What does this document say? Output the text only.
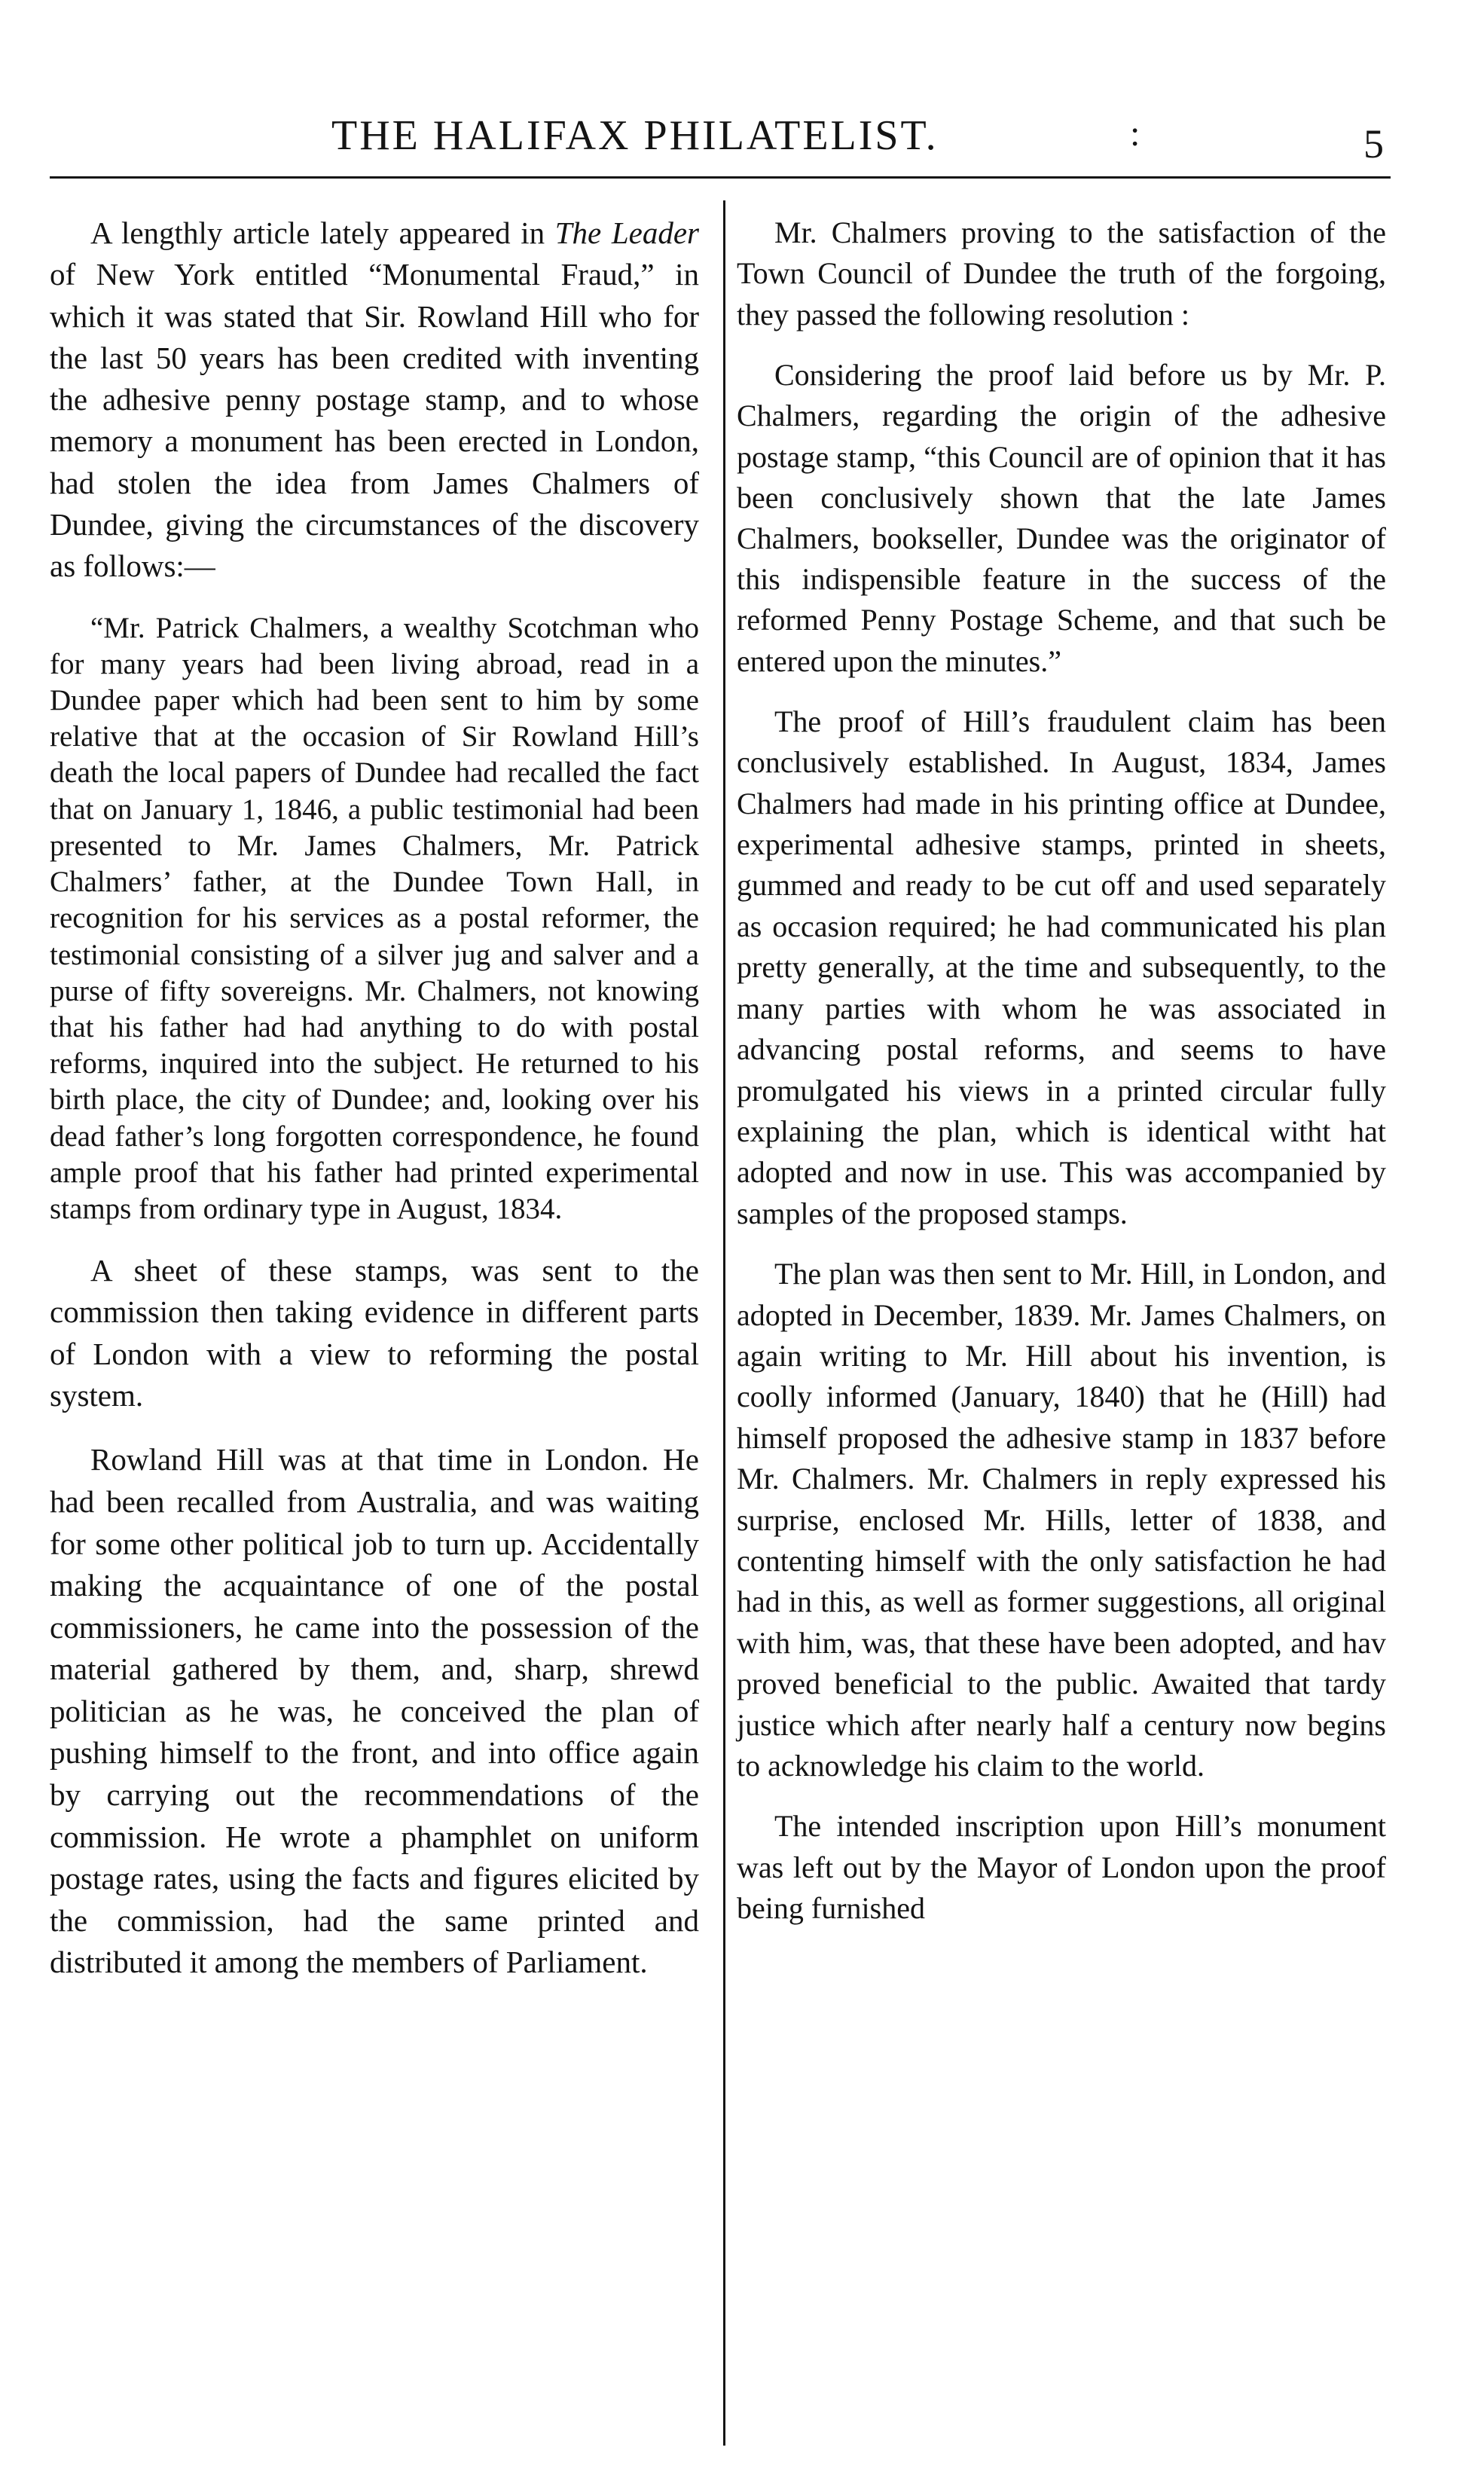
THE HALIFAX PHILATELIST.	:	5

A lengthly article lately appeared in The Leader of New York entitled “Monumental Fraud,” in which it was stated that Sir. Rowland Hill who for the last 50 years has been credited with inventing the adhesive penny postage stamp, and to whose memory a monument has been erected in London, had stolen the idea from James Chalmers of Dundee, giving the circumstances of the discovery as follows:—

“Mr. Patrick Chalmers, a wealthy Scotchman who for many years had been living abroad, read in a Dundee paper which had been sent to him by some relative that at the occasion of Sir Rowland Hill’s death the local papers of Dundee had recalled the fact that on January 1, 1846, a public testimonial had been presented to Mr. James Chalmers, Mr. Patrick Chalmers’ father, at the Dundee Town Hall, in recognition for his services as a postal reformer, the testimonial consisting of a silver jug and salver and a purse of fifty sovereigns. Mr. Chalmers, not knowing that his father had had anything to do with postal reforms, inquired into the subject. He returned to his birth place, the city of Dundee; and, looking over his dead father’s long forgotten correspondence, he found ample proof that his father had printed experimental stamps from ordinary type in August, 1834.

A sheet of these stamps, was sent to the commission then taking evidence in different parts of London with a view to reforming the postal system.

Rowland Hill was at that time in London. He had been recalled from Australia, and was waiting for some other political job to turn up. Accidentally making the acquaintance of one of the postal commissioners, he came into the possession of the material gathered by them, and, sharp, shrewd politician as he was, he conceived the plan of pushing himself to the front, and into office again by carrying out the recommendations of the commission. He wrote a phamphlet on uniform postage rates, using the facts and figures elicited by the commission, had the same printed and distributed it among the members of Parliament.

Mr. Chalmers proving to the satisfaction of the Town Council of Dundee the truth of the forgoing, they passed the following resolution :

Considering the proof laid before us by Mr. P. Chalmers, regarding the origin of the adhesive postage stamp, “this Council are of opinion that it has been conclusively shown that the late James Chalmers, bookseller, Dundee was the originator of this indispensible feature in the success of the reformed Penny Postage Scheme, and that such be entered upon the minutes.”

The proof of Hill’s fraudulent claim has been conclusively established. In August, 1834, James Chalmers had made in his printing office at Dundee, experimental adhesive stamps, printed in sheets, gummed and ready to be cut off and used separately as occasion required; he had communicated his plan pretty generally, at the time and subsequently, to the many parties with whom he was associated in advancing postal reforms, and seems to have promulgated his views in a printed circular fully explaining the plan, which is identical witht hat adopted and now in use. This was accompanied by samples of the proposed stamps.

The plan was then sent to Mr. Hill, in London, and adopted in December, 1839. Mr. James Chalmers, on again writing to Mr. Hill about his invention, is coolly informed (January, 1840) that he (Hill) had himself proposed the adhesive stamp in 1837 before Mr. Chalmers. Mr. Chalmers in reply expressed his surprise, enclosed Mr. Hills, letter of 1838, and contenting himself with the only satisfaction he had had in this, as well as former suggestions, all original with him, was, that these have been adopted, and hav proved beneficial to the public. Awaited that tardy justice which after nearly half a century now begins to acknowledge his claim to the world.

The intended inscription upon Hill’s monument was left out by the Mayor of London upon the proof being furnished
